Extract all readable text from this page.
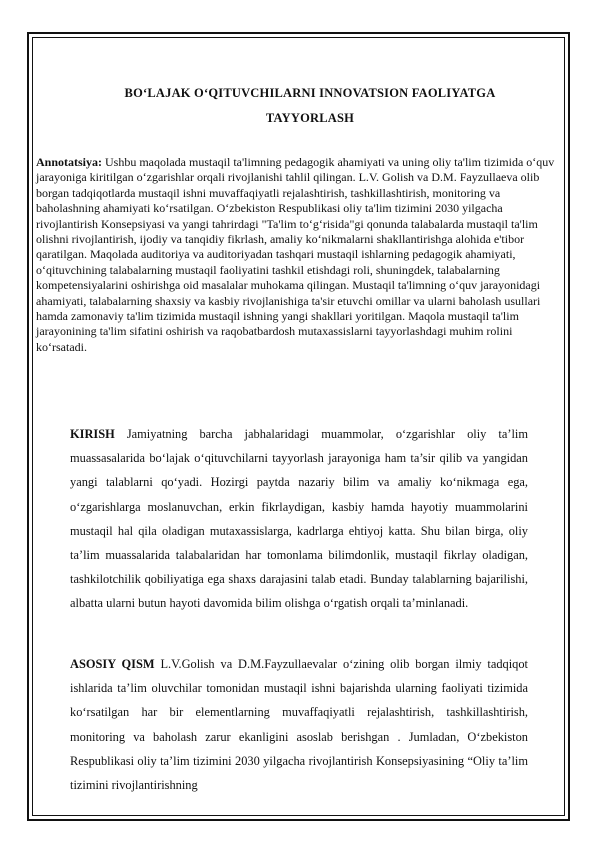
BO‘LAJAK O‘QITUVCHILARNI INNOVATSION FAOLIYATGA
TAYYORLASH
Annotatsiya: Ushbu maqolada mustaqil ta'limning pedagogik ahamiyati va uning oliy ta'lim tizimida o‘quv jarayoniga kiritilgan o‘zgarishlar orqali rivojlanishi tahlil qilingan. L.V. Golish va D.M. Fayzullaeva olib borgan tadqiqotlarda mustaqil ishni muvaffaqiyatli rejalashtirish, tashkillashtirish, monitoring va baholashning ahamiyati ko‘rsatilgan. O‘zbekiston Respublikasi oliy ta'lim tizimini 2030 yilgacha rivojlantirish Konsepsiyasi va yangi tahrirdagi "Ta'lim to‘g‘risida"gi qonunda talabalarda mustaqil ta'lim olishni rivojlantirish, ijodiy va tanqidiy fikrlash, amaliy ko‘nikmalarni shakllantirishga alohida e'tibor qaratilgan. Maqolada auditoriya va auditoriyadan tashqari mustaqil ishlarning pedagogik ahamiyati, o‘qituvchining talabalarning mustaqil faoliyatini tashkil etishdagi roli, shuningdek, talabalarning kompetensiyalarini oshirishga oid masalalar muhokama qilingan. Mustaqil ta'limning o‘quv jarayonidagi ahamiyati, talabalarning shaxsiy va kasbiy rivojlanishiga ta'sir etuvchi omillar va ularni baholash usullari hamda zamonaviy ta'lim tizimida mustaqil ishning yangi shakllari yoritilgan. Maqola mustaqil ta'lim jarayonining ta'lim sifatini oshirish va raqobatbardosh mutaxassislarni tayyorlashdagi muhim rolini ko‘rsatadi.
KIRISH Jamiyatning barcha jabhalaridagi muammolar, o‘zgarishlar oliy ta’lim muassasalarida bo‘lajak o‘qituvchilarni tayyorlash jarayoniga ham ta’sir qilib va yangidan yangi talablarni qo‘yadi. Hozirgi paytda nazariy bilim va amaliy ko‘nikmaga ega, o‘zgarishlarga moslanuvchan, erkin fikrlaydigan, kasbiy hamda hayotiy muammolarini mustaqil hal qila oladigan mutaxassislarga, kadrlarga ehtiyoj katta. Shu bilan birga, oliy ta’lim muassalarida talabalaridan har tomonlama bilimdonlik, mustaqil fikrlay oladigan, tashkilotchilik qobiliyatiga ega shaxs darajasini talab etadi. Bunday talablarning bajarilishi, albatta ularni butun hayoti davomida bilim olishga o‘rgatish orqali ta’minlanadi.
ASOSIY QISM L.V.Golish va D.M.Fayzullaevalar o‘zining olib borgan ilmiy tadqiqot ishlarida ta’lim oluvchilar tomonidan mustaqil ishni bajarishda ularning faoliyati tizimida ko‘rsatilgan har bir elementlarning muvaffaqiyatli rejalashtirish, tashkillashtirish, monitoring va baholash zarur ekanligini asoslab berishgan . Jumladan, O‘zbekiston Respublikasi oliy ta’lim tizimini 2030 yilgacha rivojlantirish Konsepsiyasining “Oliy ta’lim tizimini rivojlantirishning
